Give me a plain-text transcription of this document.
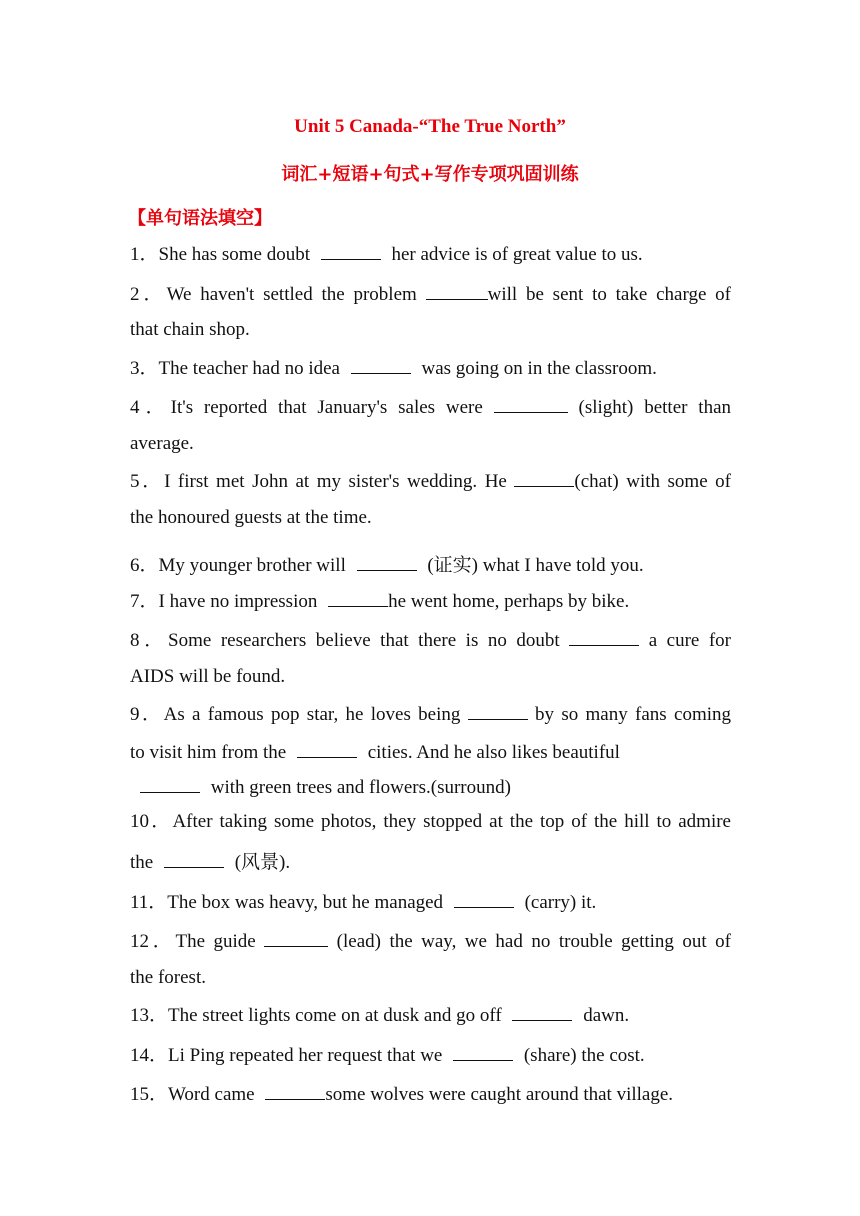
Unit 5 Canada-“The True North”
词汇+短语+句式+写作专项巩固训练
【单句语法填空】
1．She has some doubt	her advice is of great value to us.
2．We haven't settled the problem	will be sent to take charge of
that chain shop.
3．The teacher had no idea	was going on in the classroom.
4．It's reported that January's sales were	(slight) better than
average.
5．I first met John at my sister's wedding. He	(chat) with some of
the honoured guests at the time.
6．My younger brother will	(证实) what I have told you.
7．I have no impression	he went home, perhaps by bike.
8．Some researchers believe that there is no doubt	a cure for
AIDS will be found.
9．As a famous pop star, he loves being	by so many fans coming
to visit him from the	cities. And he also likes beautiful
with green trees and flowers.(surround)
10．After taking some photos, they stopped at the top of the hill to admire
the	(风景).
11．The box was heavy, but he managed	(carry) it.
12．The guide	(lead) the way, we had no trouble getting out of
the forest.
13．The street lights come on at dusk and go off	dawn.
14．Li Ping repeated her request that we	(share) the cost.
15．Word came	some wolves were caught around that village.
